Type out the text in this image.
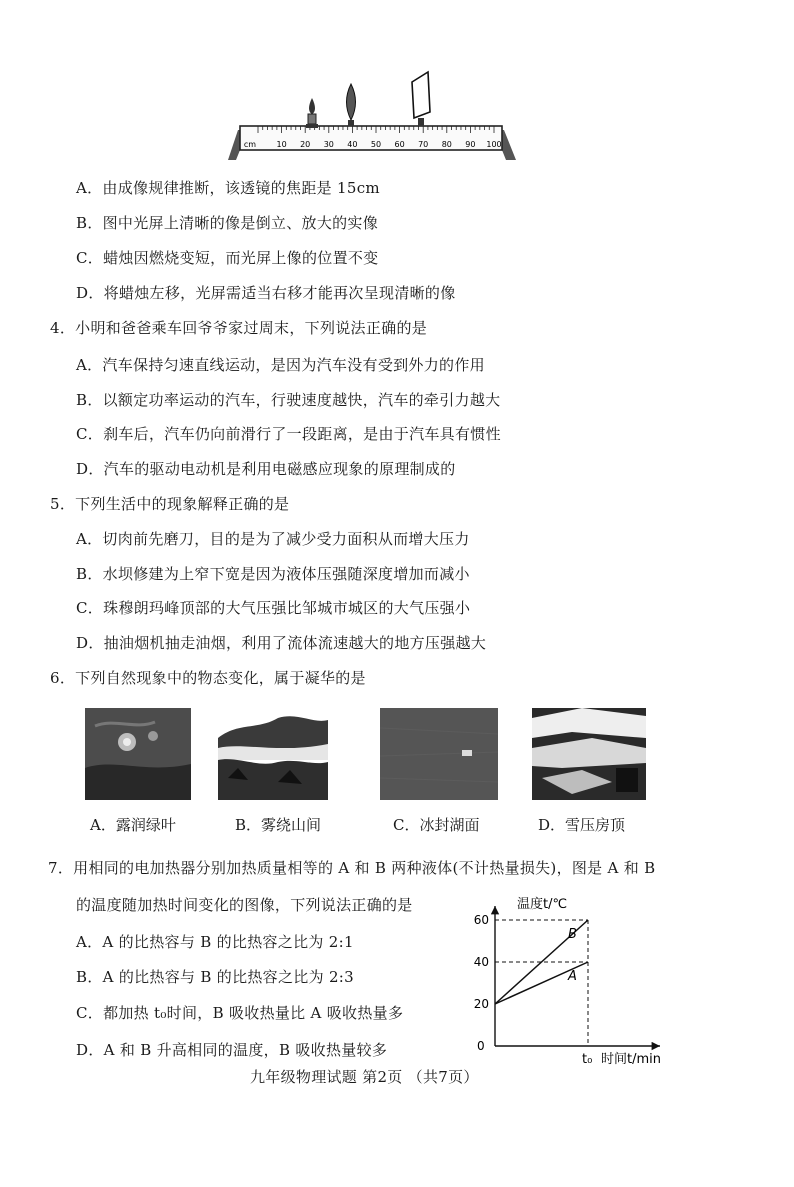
cm	10 20 30 40 50 60 70 80 90 100
A．由成像规律推断，该透镜的焦距是 15cm
B．图中光屏上清晰的像是倒立、放大的实像
C．蜡烛因燃烧变短，而光屏上像的位置不变
D．将蜡烛左移，光屏需适当右移才能再次呈现清晰的像
4．小明和爸爸乘车回爷爷家过周末，下列说法正确的是
A．汽车保持匀速直线运动，是因为汽车没有受到外力的作用
B．以额定功率运动的汽车，行驶速度越快，汽车的牵引力越大
C．刹车后，汽车仍向前滑行了一段距离，是由于汽车具有惯性
D．汽车的驱动电动机是利用电磁感应现象的原理制成的
5．下列生活中的现象解释正确的是
A．切肉前先磨刀，目的是为了减少受力面积从而增大压力
B．水坝修建为上窄下宽是因为液体压强随深度增加而减小
C．珠穆朗玛峰顶部的大气压强比邹城市城区的大气压强小
D．抽油烟机抽走油烟，利用了流体流速越大的地方压强越大
6．下列自然现象中的物态变化，属于凝华的是
A．露润绿叶	B．雾绕山间	C．冰封湖面	D．雪压房顶
7．用相同的电加热器分别加热质量相等的 A 和 B 两种液体(不计热量损失)，图是 A 和 B
的温度随加热时间变化的图像，下列说法正确的是
A．A 的比热容与 B 的比热容之比为 2:1
B．A 的比热容与 B 的比热容之比为 2:3
C．都加热 t₀时间，B 吸收热量比 A 吸收热量多
D．A 和 B 升高相同的温度，B 吸收热量较多
温度t/℃
时间t/min
0
20
40
60
A
B
t₀
九年级物理试题 第2页 （共7页）
